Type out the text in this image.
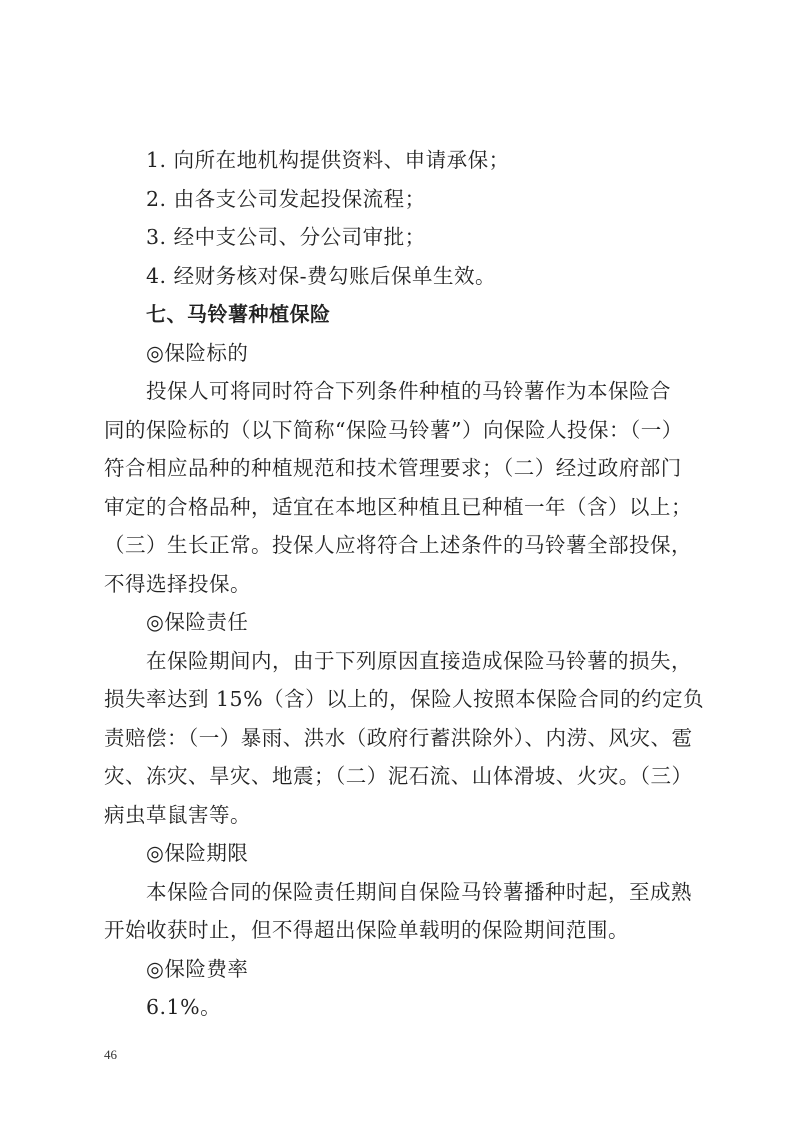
1. 向所在地机构提供资料、申请承保；

2. 由各支公司发起投保流程；

3. 经中支公司、分公司审批；

4. 经财务核对保-费勾账后保单生效。

七、马铃薯种植保险

◎保险标的

投保人可将同时符合下列条件种植的马铃薯作为本保险合

同的保险标的（以下简称“保险马铃薯”）向保险人投保：（一）

符合相应品种的种植规范和技术管理要求；（二）经过政府部门

审定的合格品种，适宜在本地区种植且已种植一年（含）以上；

（三）生长正常。投保人应将符合上述条件的马铃薯全部投保，

不得选择投保。

◎保险责任

在保险期间内，由于下列原因直接造成保险马铃薯的损失，

损失率达到 15%（含）以上的，保险人按照本保险合同的约定负

责赔偿：（一）暴雨、洪水（政府行蓄洪除外）、内涝、风灾、雹

灾、冻灾、旱灾、地震；（二）泥石流、山体滑坡、火灾。（三）

病虫草鼠害等。

◎保险期限

本保险合同的保险责任期间自保险马铃薯播种时起，至成熟

开始收获时止，但不得超出保险单载明的保险期间范围。

◎保险费率

6.1%。

46
